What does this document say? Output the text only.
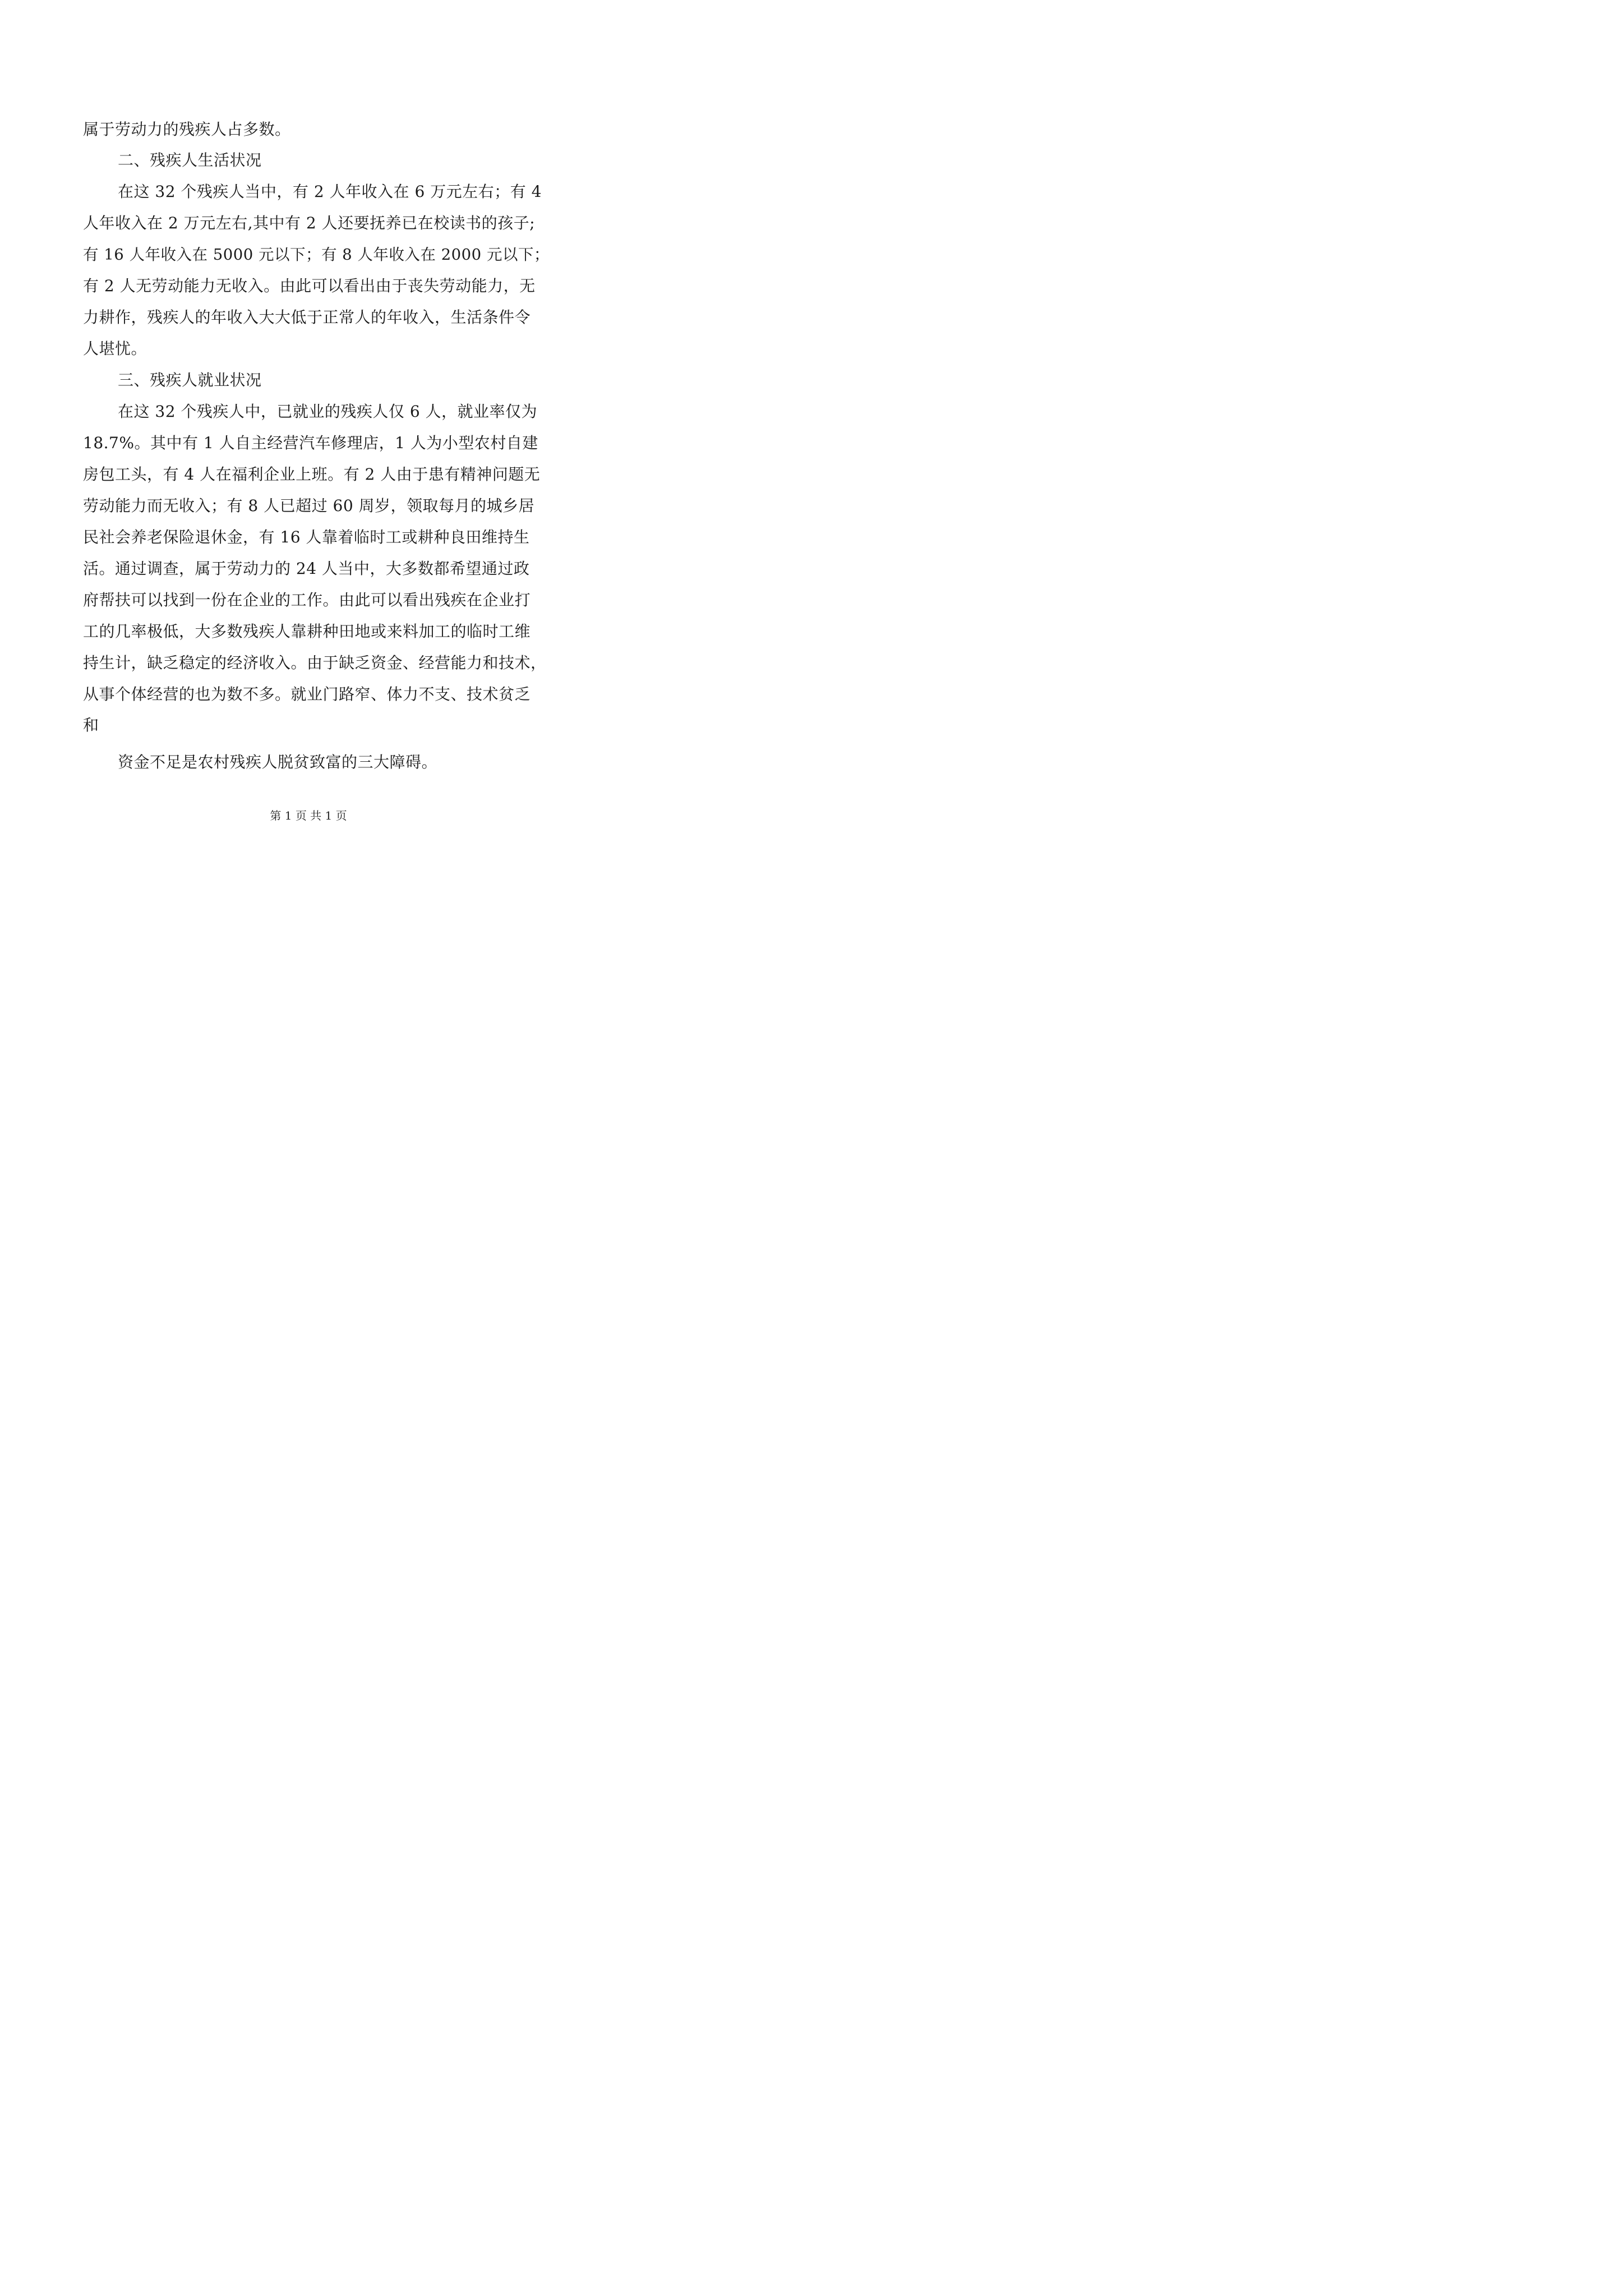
属于劳动力的残疾人占多数。
二、残疾人生活状况
在这 32 个残疾人当中，有 2 人年收入在 6 万元左右；有 4
人年收入在 2 万元左右,其中有 2 人还要抚养已在校读书的孩子;
有 16 人年收入在 5000 元以下；有 8 人年收入在 2000 元以下；
有 2 人无劳动能力无收入。由此可以看出由于丧失劳动能力，无
力耕作，残疾人的年收入大大低于正常人的年收入，生活条件令
人堪忧。
三、残疾人就业状况
在这 32 个残疾人中，已就业的残疾人仅 6 人，就业率仅为
18.7%。其中有 1 人自主经营汽车修理店，1 人为小型农村自建
房包工头，有 4 人在福利企业上班。有 2 人由于患有精神问题无
劳动能力而无收入；有 8 人已超过 60 周岁，领取每月的城乡居
民社会养老保险退休金，有 16 人靠着临时工或耕种良田维持生
活。通过调查，属于劳动力的 24 人当中，大多数都希望通过政
府帮扶可以找到一份在企业的工作。由此可以看出残疾在企业打
工的几率极低，大多数残疾人靠耕种田地或来料加工的临时工维
持生计，缺乏稳定的经济收入。由于缺乏资金、经营能力和技术，
从事个体经营的也为数不多。就业门路窄、体力不支、技术贫乏
和
资金不足是农村残疾人脱贫致富的三大障碍。
第 1 页 共 1 页
